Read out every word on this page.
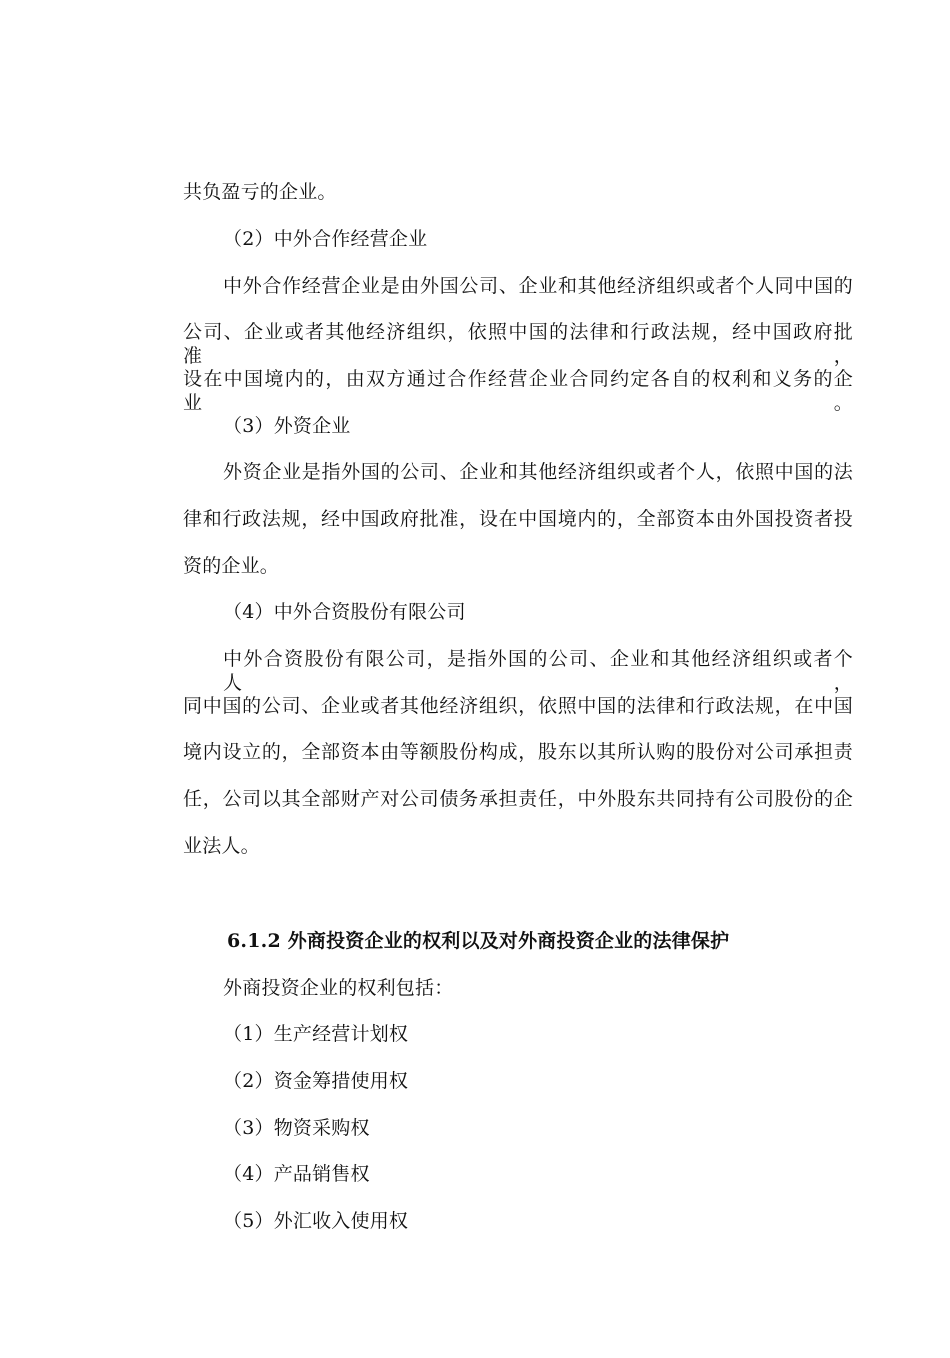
共负盈亏的企业。
（2）中外合作经营企业
中外合作经营企业是由外国公司、企业和其他经济组织或者个人同中国的
公司、企业或者其他经济组织，依照中国的法律和行政法规，经中国政府批准，
设在中国境内的，由双方通过合作经营企业合同约定各自的权利和义务的企业。
（3）外资企业
外资企业是指外国的公司、企业和其他经济组织或者个人，依照中国的法
律和行政法规，经中国政府批准，设在中国境内的，全部资本由外国投资者投
资的企业。
（4）中外合资股份有限公司
中外合资股份有限公司，是指外国的公司、企业和其他经济组织或者个人，
同中国的公司、企业或者其他经济组织，依照中国的法律和行政法规，在中国
境内设立的，全部资本由等额股份构成，股东以其所认购的股份对公司承担责
任，公司以其全部财产对公司债务承担责任，中外股东共同持有公司股份的企
业法人。
6.1.2 外商投资企业的权利以及对外商投资企业的法律保护
外商投资企业的权利包括：
（1）生产经营计划权
（2）资金筹措使用权
（3）物资采购权
（4）产品销售权
（5）外汇收入使用权
